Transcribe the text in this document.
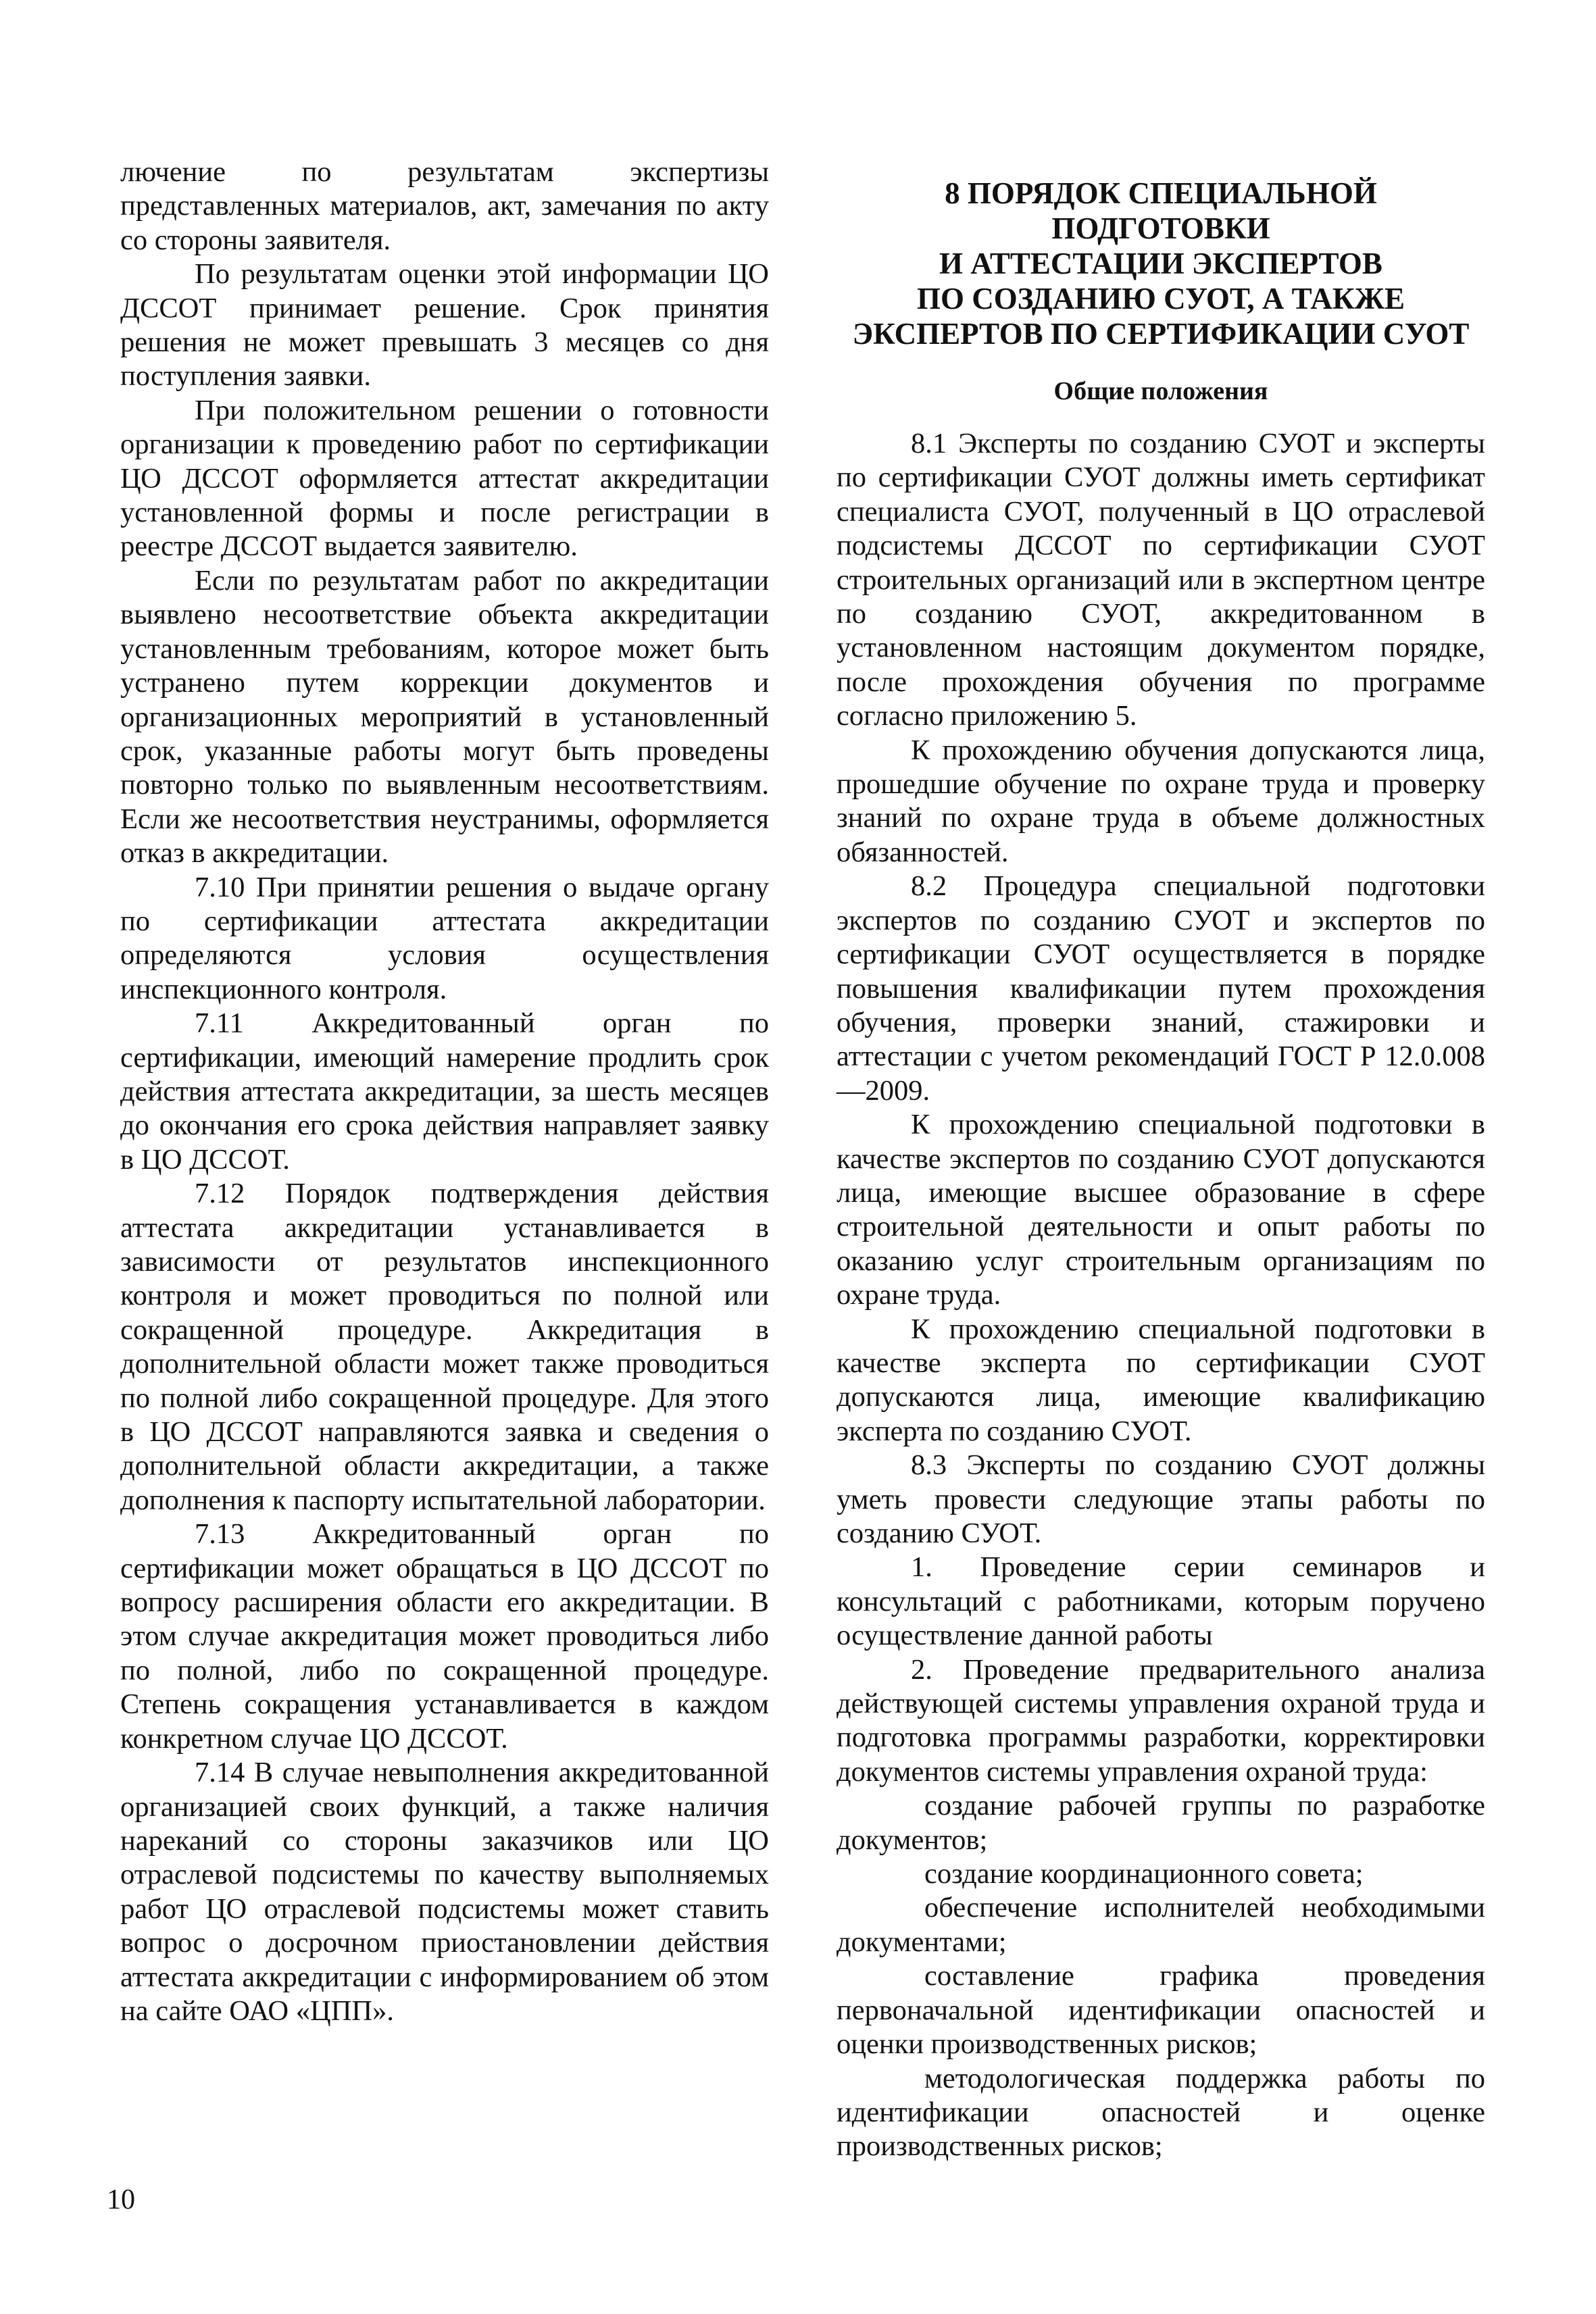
лючение по результатам экспертизы представленных материалов, акт, замечания по акту со стороны заявителя.

По результатам оценки этой информации ЦО ДССОТ принимает решение. Срок принятия решения не может превышать 3 месяцев со дня поступления заявки.

При положительном решении о готовности организации к проведению работ по сертификации ЦО ДССОТ оформляется аттестат аккредитации установленной формы и после регистрации в реестре ДССОТ выдается заявителю.

Если по результатам работ по аккредитации выявлено несоответствие объекта аккредитации установленным требованиям, которое может быть устранено путем коррекции документов и организационных мероприятий в установленный срок, указанные работы могут быть проведены повторно только по выявленным несоответствиям. Если же несоответствия неустранимы, оформляется отказ в аккредитации.

7.10 При принятии решения о выдаче органу по сертификации аттестата аккредитации определяются условия осуществления инспекционного контроля.

7.11 Аккредитованный орган по сертификации, имеющий намерение продлить срок действия аттестата аккредитации, за шесть месяцев до окончания его срока действия направляет заявку в ЦО ДССОТ.

7.12 Порядок подтверждения действия аттестата аккредитации устанавливается в зависимости от результатов инспекционного контроля и может проводиться по полной или сокращенной процедуре. Аккредитация в дополнительной области может также проводиться по полной либо сокращенной процедуре. Для этого в ЦО ДССОТ направляются заявка и сведения о дополнительной области аккредитации, а также дополнения к паспорту испытательной лаборатории.

7.13 Аккредитованный орган по сертификации может обращаться в ЦО ДССОТ по вопросу расширения области его аккредитации. В этом случае аккредитация может проводиться либо по полной, либо по сокращенной процедуре. Степень сокращения устанавливается в каждом конкретном случае ЦО ДССОТ.

7.14 В случае невыполнения аккредитованной организацией своих функций, а также наличия нареканий со стороны заказчиков или ЦО отраслевой подсистемы по качеству выполняемых работ ЦО отраслевой подсистемы может ставить вопрос о досрочном приостановлении действия аттестата аккредитации с информированием об этом на сайте ОАО «ЦПП».

8 ПОРЯДОК СПЕЦИАЛЬНОЙ ПОДГОТОВКИ
И АТТЕСТАЦИИ ЭКСПЕРТОВ
ПО СОЗДАНИЮ СУОТ, А ТАКЖЕ
ЭКСПЕРТОВ ПО СЕРТИФИКАЦИИ СУОТ
Общие положения

8.1 Эксперты по созданию СУОТ и эксперты по сертификации СУОТ должны иметь сертификат специалиста СУОТ, полученный в ЦО отраслевой подсистемы ДССОТ по сертификации СУОТ строительных организаций или в экспертном центре по созданию СУОТ, аккредитованном в установленном настоящим документом порядке, после прохождения обучения по программе согласно приложению 5.

К прохождению обучения допускаются лица, прошедшие обучение по охране труда и проверку знаний по охране труда в объеме должностных обязанностей.

8.2 Процедура специальной подготовки экспертов по созданию СУОТ и экспертов по сертификации СУОТ осуществляется в порядке повышения квалификации путем прохождения обучения, проверки знаний, стажировки и аттестации с учетом рекомендаций ГОСТ Р 12.0.008—2009.

К прохождению специальной подготовки в качестве экспертов по созданию СУОТ допускаются лица, имеющие высшее образование в сфере строительной деятельности и опыт работы по оказанию услуг строительным организациям по охране труда.

К прохождению специальной подготовки в качестве эксперта по сертификации СУОТ допускаются лица, имеющие квалификацию эксперта по созданию СУОТ.

8.3 Эксперты по созданию СУОТ должны уметь провести следующие этапы работы по созданию СУОТ.

1. Проведение серии семинаров и консультаций с работниками, которым поручено осуществление данной работы

2. Проведение предварительного анализа действующей системы управления охраной труда и подготовка программы разработки, корректировки документов системы управления охраной труда:

создание рабочей группы по разработке документов;

создание координационного совета;

обеспечение исполнителей необходимыми документами;

составление графика проведения первоначальной идентификации опасностей и оценки производственных рисков;

методологическая поддержка работы по идентификации опасностей и оценке производственных рисков;

10
